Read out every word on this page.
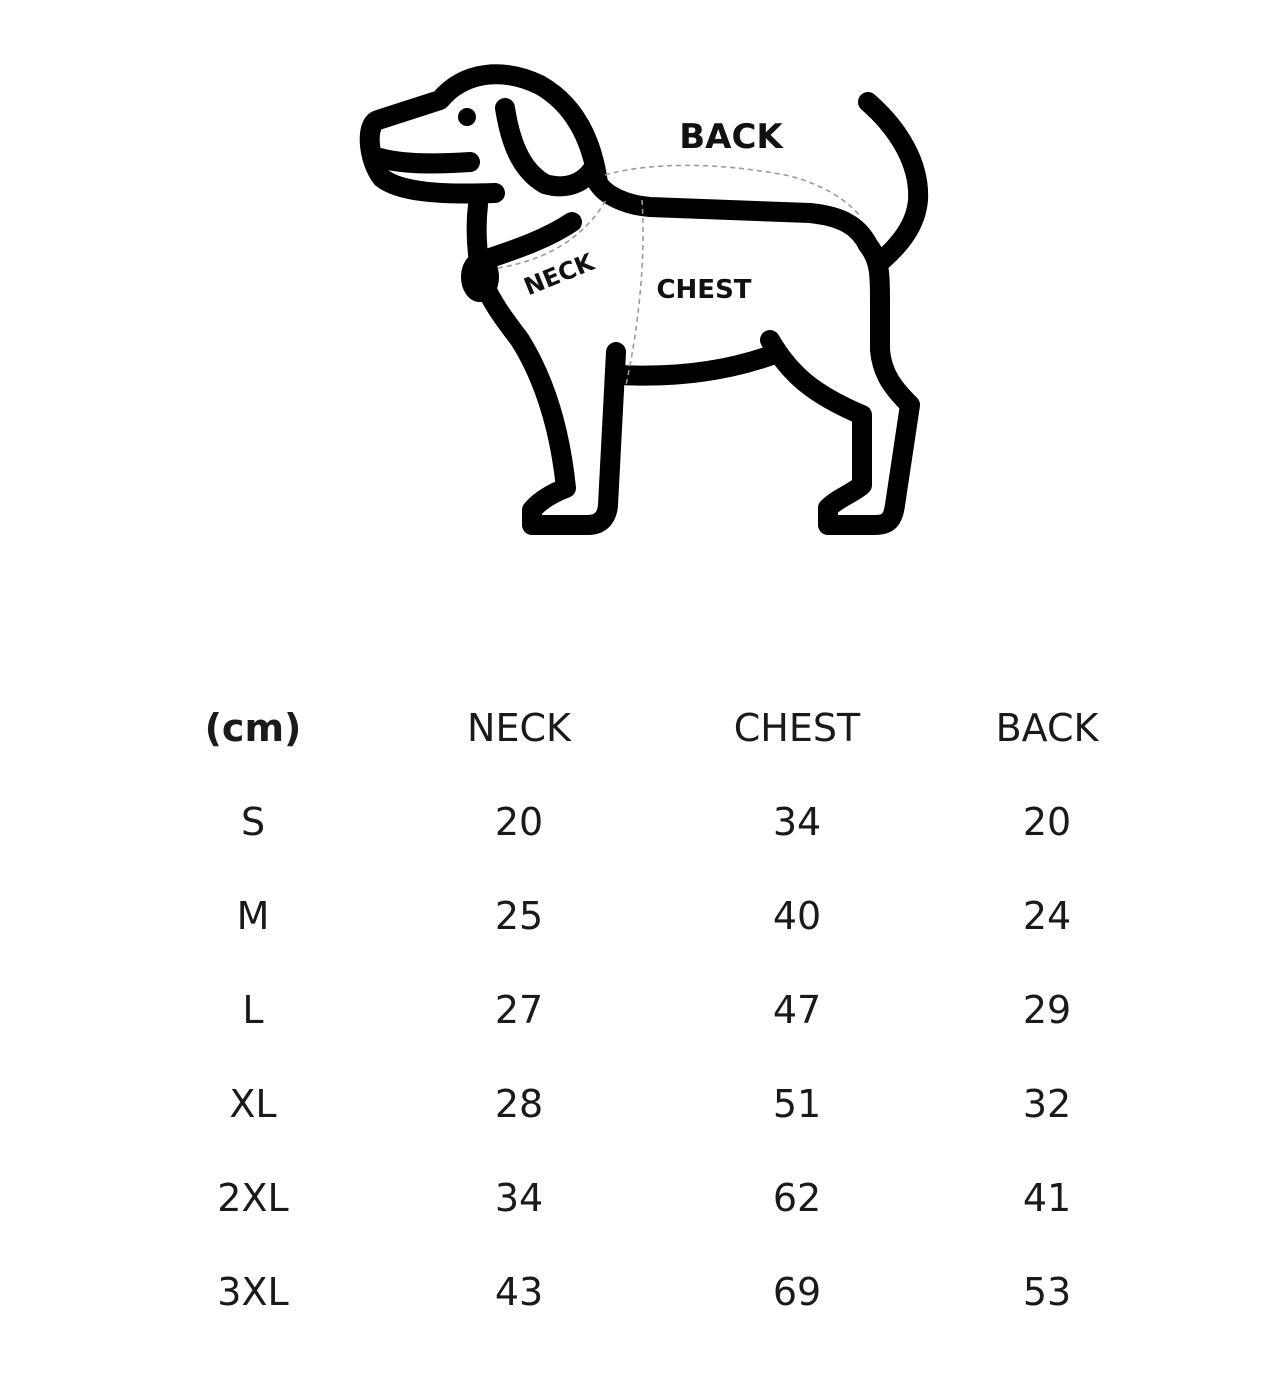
BACK
NECK CHEST
(cm)	NECK	CHEST	BACK
S	20	34	20
M	25	40	24
L	27	47	29
XL	28	51	32
2XL	34	62	41
3XL	43	69	53
